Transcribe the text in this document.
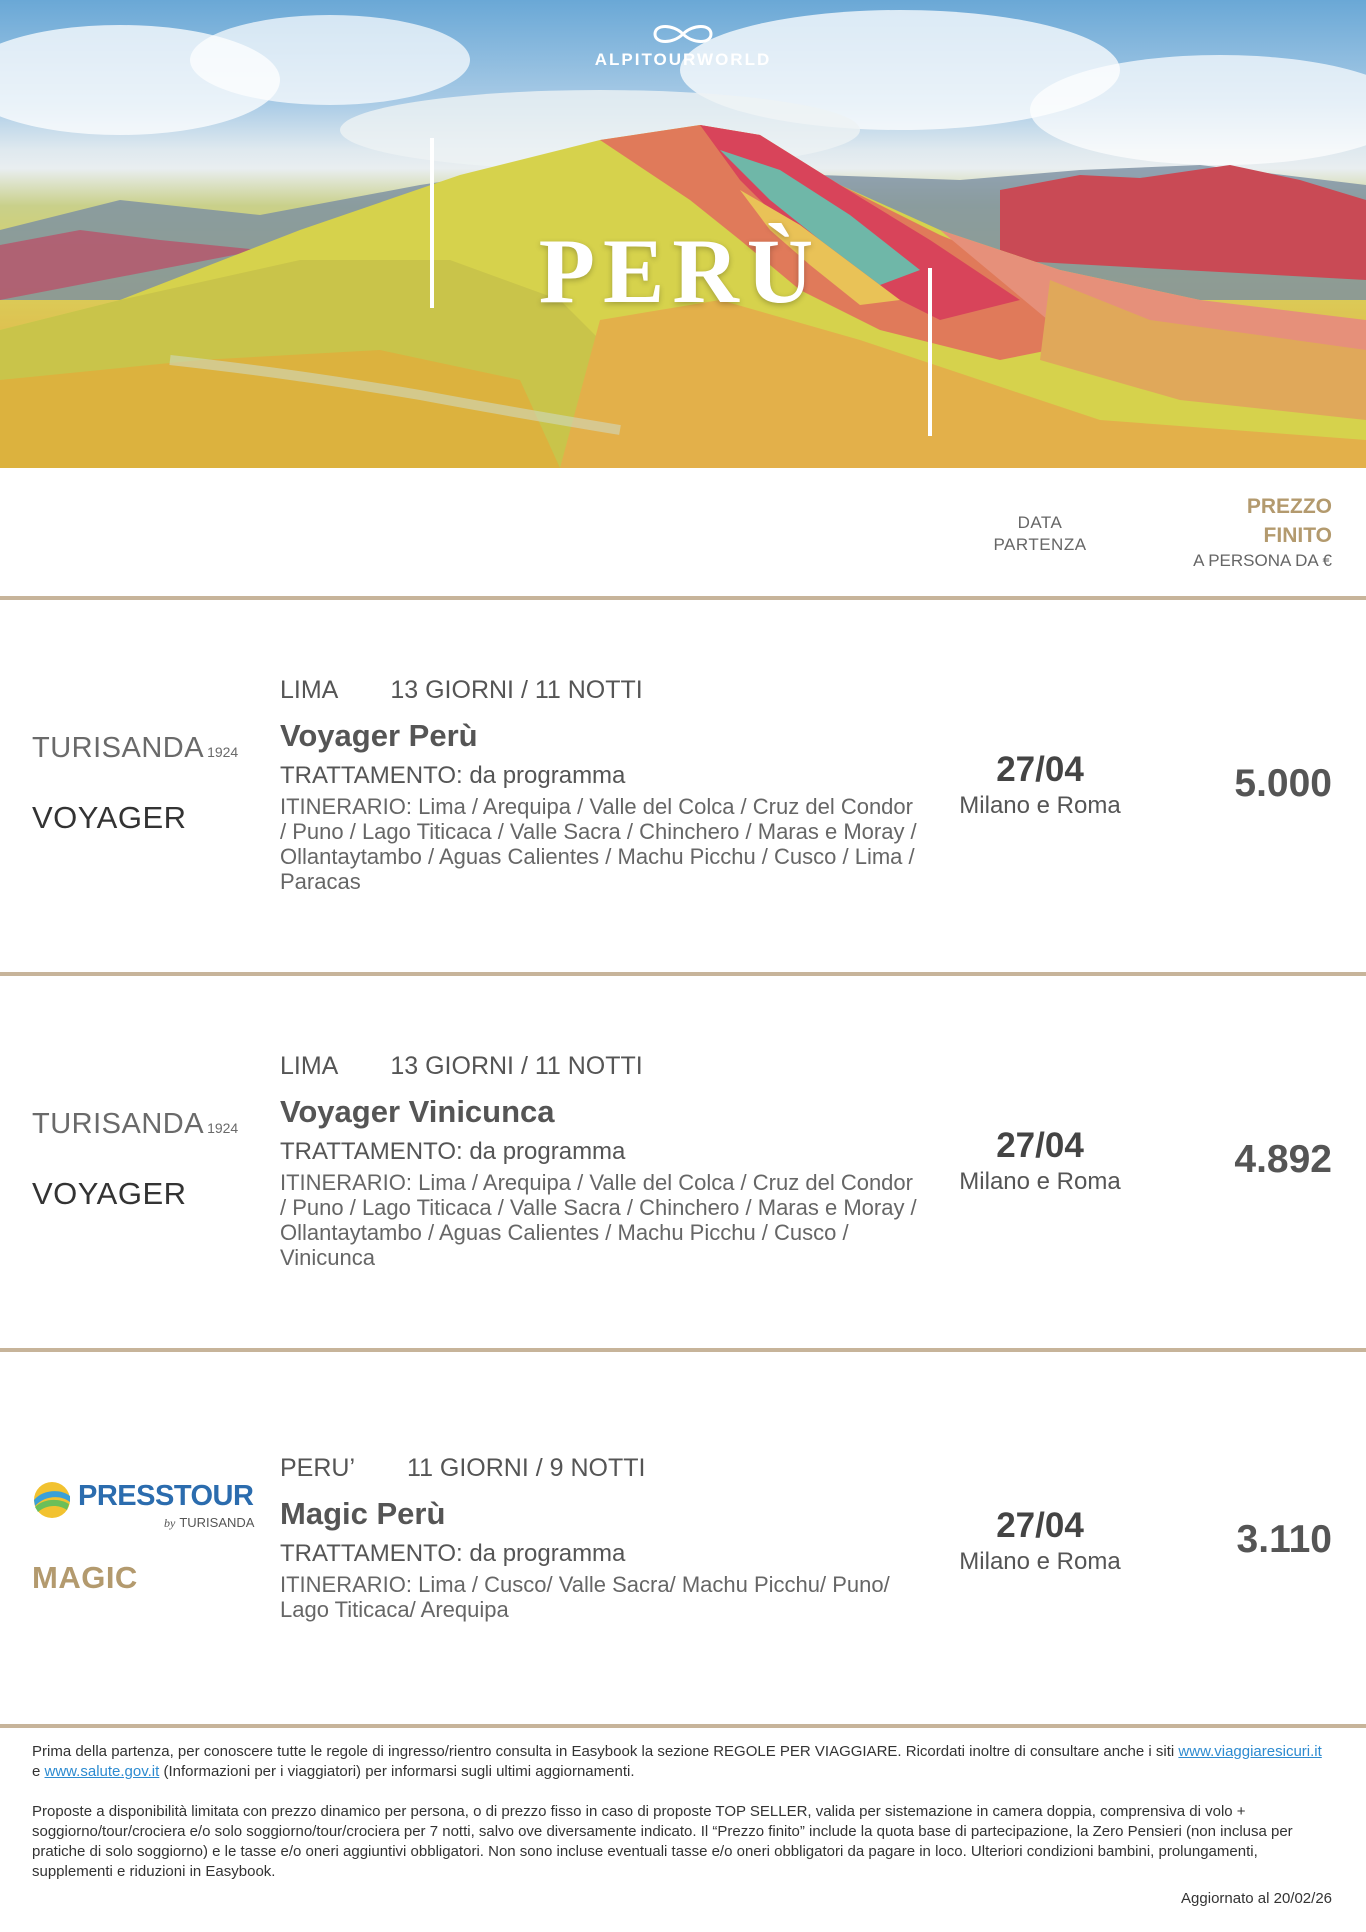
ALPITOURWORLD
PERÙ
DATA
PARTENZA
PREZZO
FINITO
A PERSONA DA €
TURISANDA 1924
VOYAGER
LIMA 13 GIORNI / 11 NOTTI
Voyager Perù
TRATTAMENTO: da programma
ITINERARIO: Lima / Arequipa / Valle del Colca / Cruz del Condor / Puno / Lago Titicaca / Valle Sacra / Chinchero / Maras e Moray / Ollantaytambo / Aguas Calientes / Machu Picchu / Cusco / Lima / Paracas
27/04
Milano e Roma
5.000
TURISANDA 1924
VOYAGER
LIMA 13 GIORNI / 11 NOTTI
Voyager Vinicunca
TRATTAMENTO: da programma
ITINERARIO: Lima / Arequipa / Valle del Colca / Cruz del Condor / Puno / Lago Titicaca / Valle Sacra / Chinchero / Maras e Moray / Ollantaytambo / Aguas Calientes / Machu Picchu / Cusco / Vinicunca
27/04
Milano e Roma
4.892
PRESSTOUR
by TURISANDA
MAGIC
PERU’ 11 GIORNI / 9 NOTTI
Magic Perù
TRATTAMENTO: da programma
ITINERARIO: Lima / Cusco/ Valle Sacra/ Machu Picchu/ Puno/ Lago Titicaca/ Arequipa
27/04
Milano e Roma
3.110
Prima della partenza, per conoscere tutte le regole di ingresso/rientro consulta in Easybook la sezione REGOLE PER VIAGGIARE. Ricordati inoltre di consultare anche i siti www.viaggiaresicuri.it e www.salute.gov.it (Informazioni per i viaggiatori) per informarsi sugli ultimi aggiornamenti.
Proposte a disponibilità limitata con prezzo dinamico per persona, o di prezzo fisso in caso di proposte TOP SELLER, valida per sistemazione in camera doppia, comprensiva di volo + soggiorno/tour/crociera e/o solo soggiorno/tour/crociera per 7 notti, salvo ove diversamente indicato. Il “Prezzo finito” include la quota base di partecipazione, la Zero Pensieri (non inclusa per pratiche di solo soggiorno) e le tasse e/o oneri aggiuntivi obbligatori. Non sono incluse eventuali tasse e/o oneri obbligatori da pagare in loco. Ulteriori condizioni bambini, prolungamenti, supplementi e riduzioni in Easybook.
Aggiornato al 20/02/26
